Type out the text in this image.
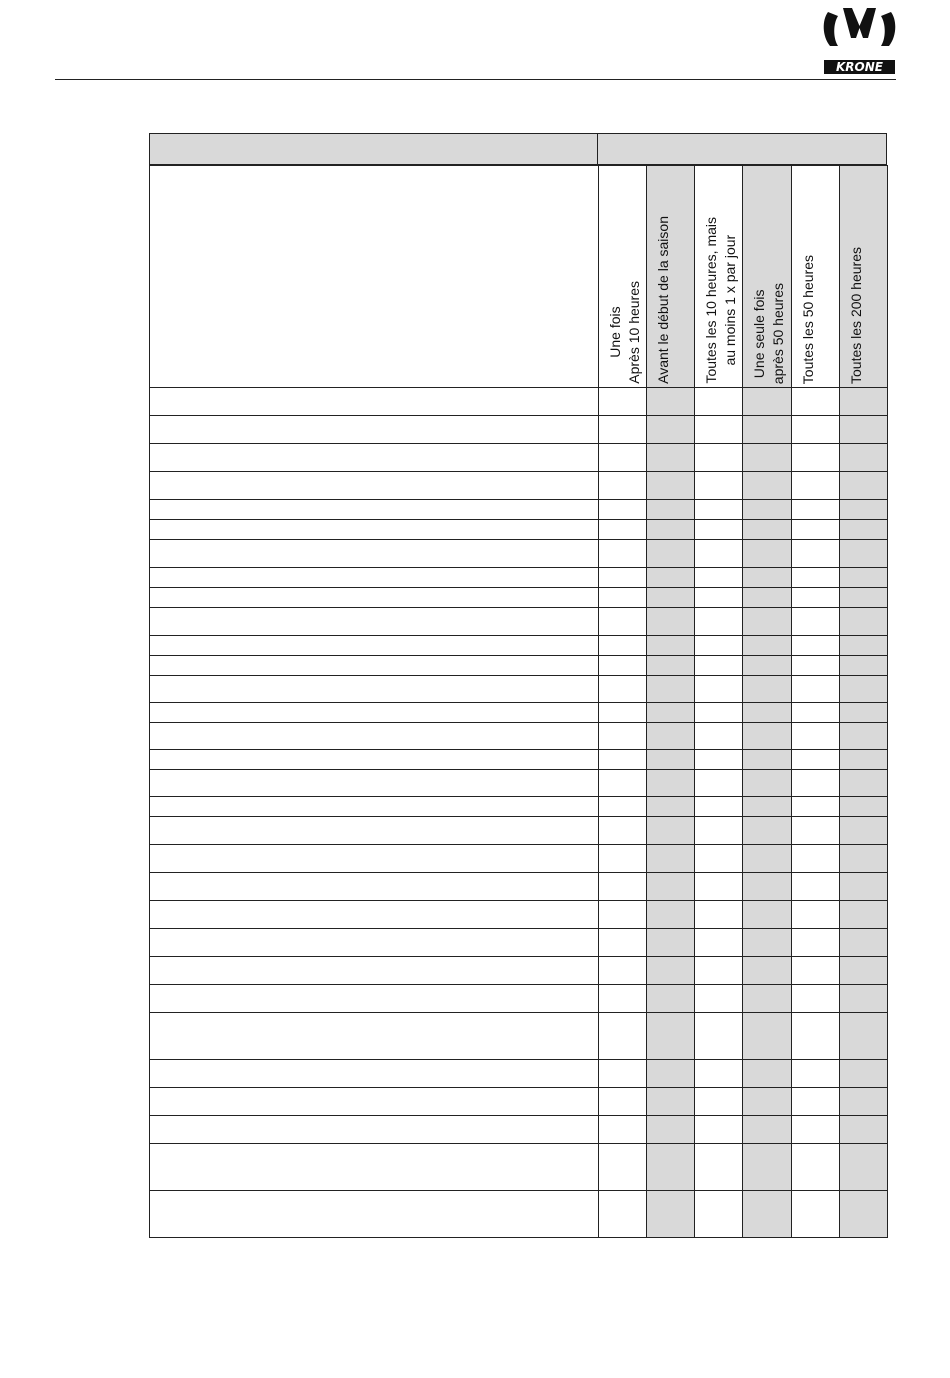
KRONE

	Une fois Après 10 heures	Avant le début de la saison	Toutes les 10 heures, mais au moins 1 x par jour	Une seule fois après 50 heures	Toutes les 50 heures	Toutes les 200 heures
